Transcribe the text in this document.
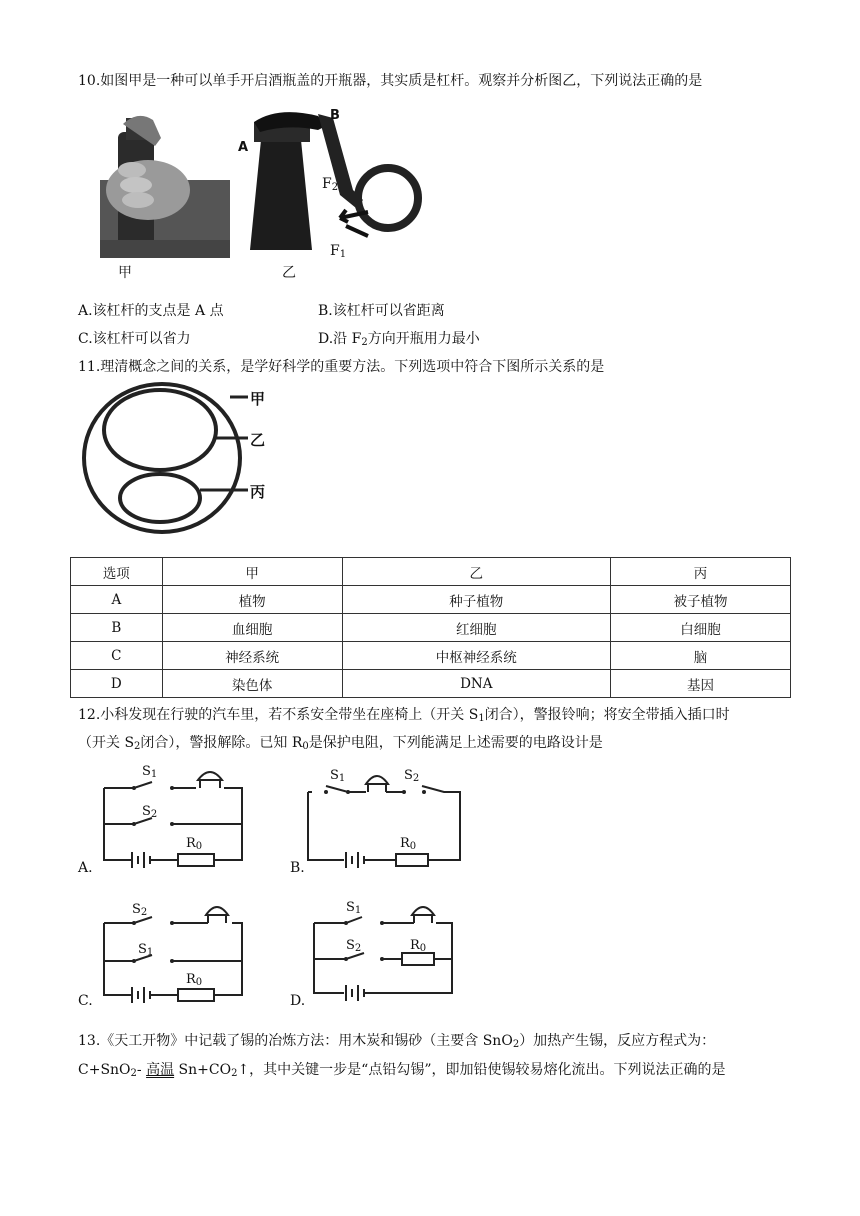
10.如图甲是一种可以单手开启酒瓶盖的开瓶器，其实质是杠杆。观察并分析图乙，下列说法正确的是
A
B
$F_2$
$F_1$
甲	乙
A.该杠杆的支点是 A 点	B.该杠杆可以省距离
C.该杠杆可以省力	D.沿 $F_2$方向开瓶用力最小
11.理清概念之间的关系，是学好科学的重要方法。下列选项中符合下图所示关系的是
甲
乙
丙
选项	甲	乙	丙
A	植物	种子植物	被子植物
B	血细胞	红细胞	白细胞
C	神经系统	中枢神经系统	脑
D	染色体	DNA	基因
12.小科发现在行驶的汽车里，若不系安全带坐在座椅上（开关 $S_1$闭合），警报铃响；将安全带插入插口时
（开关 $S_2$闭合），警报解除。已知 $R_0$是保护电阻，下列能满足上述需要的电路设计是
$S_1$
$S_2$
$R_0$
A.
$S_1$	$S_2$
$R_0$
B.
$S_2$
$S_1$
$R_0$
C.
$S_1$
$S_2$	$R_0$
D.
13.《天工开物》中记载了锡的冶炼方法：用木炭和锡砂（主要含 SnO$_2$）加热产生锡，反应方程式为：
C+SnO$_2$- 高温 $Sn+CO_2↑$，其中关键一步是“点铅勾锡”，即加铅使锡较易熔化流出。下列说法正确的是
